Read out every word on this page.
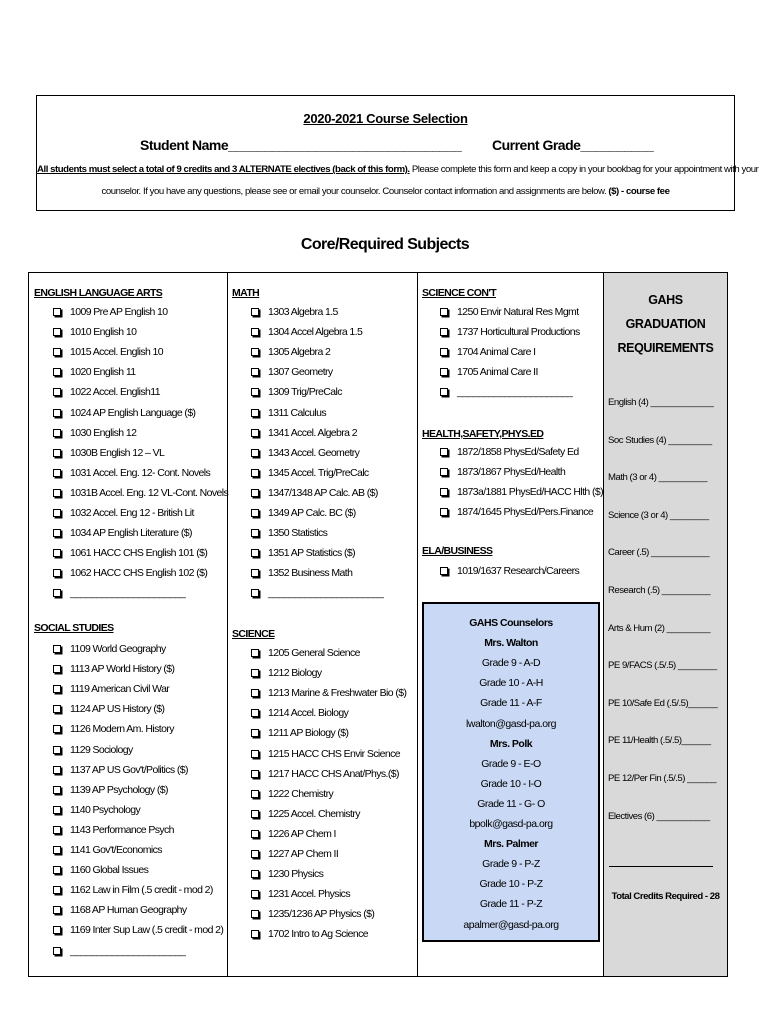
2020-2021 Course Selection
Student Name________________________________ Current Grade__________
All students must select a total of 9 credits and 3 ALTERNATE electives (back of this form). Please complete this form and keep a copy in your bookbag for your appointment with your
counselor. If you have any questions, please see or email your counselor. Counselor contact information and assignments are below. ($) - course fee
Core/Required Subjects
ENGLISH LANGUAGE ARTS
1009 Pre AP English 10
1010 English 10
1015 Accel. English 10
1020 English 11
1022 Accel. English11
1024 AP English Language ($)
1030 English 12
1030B English 12 – VL
1031 Accel. Eng. 12- Cont. Novels
1031B Accel. Eng. 12 VL-Cont. Novels
1032 Accel. Eng 12 - British Lit
1034 AP English Literature ($)
1061 HACC CHS English 101 ($)
1062 HACC CHS English 102 ($)
______________________
SOCIAL STUDIES
1109 World Geography
1113 AP World History ($)
1119 American Civil War
1124 AP US History ($)
1126 Modern Am. History
1129 Sociology
1137 AP US Gov't/Politics ($)
1139 AP Psychology ($)
1140 Psychology
1143 Performance Psych
1141 Gov't/Economics
1160 Global Issues
1162 Law in Film (.5 credit - mod 2)
1168 AP Human Geography
1169 Inter Sup Law (.5 credit - mod 2)
______________________
MATH
1303 Algebra 1.5
1304 Accel Algebra 1.5
1305 Algebra 2
1307 Geometry
1309 Trig/PreCalc
1311 Calculus
1341 Accel. Algebra 2
1343 Accel. Geometry
1345 Accel. Trig/PreCalc
1347/1348 AP Calc. AB ($)
1349 AP Calc. BC ($)
1350 Statistics
1351 AP Statistics ($)
1352 Business Math
______________________
SCIENCE
1205 General Science
1212 Biology
1213 Marine & Freshwater Bio ($)
1214 Accel. Biology
1211 AP Biology ($)
1215 HACC CHS Envir Science
1217 HACC CHS Anat/Phys.($)
1222 Chemistry
1225 Accel. Chemistry
1226 AP Chem I
1227 AP Chem II
1230 Physics
1231 Accel. Physics
1235/1236 AP Physics ($)
1702 Intro to Ag Science
SCIENCE CON'T
1250 Envir Natural Res Mgmt
1737 Horticultural Productions
1704 Animal Care I
1705 Animal Care II
______________________
HEALTH,SAFETY,PHYS.ED
1872/1858 PhysEd/Safety Ed
1873/1867 PhysEd/Health
1873a/1881 PhysEd/HACC Hlth ($)
1874/1645 PhysEd/Pers.Finance
ELA/BUSINESS
1019/1637 Research/Careers
GAHS Counselors
Mrs. Walton
Grade 9 - A-D
Grade 10 - A-H
Grade 11 - A-F
lwalton@gasd-pa.org
Mrs. Polk
Grade 9 - E-O
Grade 10 - I-O
Grade 11 - G- O
bpolk@gasd-pa.org
Mrs. Palmer
Grade 9 - P-Z
Grade 10 - P-Z
Grade 11 - P-Z
apalmer@gasd-pa.org
GAHS
GRADUATION
REQUIREMENTS
English (4) _____________
Soc Studies (4) _________
Math (3 or 4) __________
Science (3 or 4) ________
Career (.5) ____________
Research (.5) __________
Arts & Hum (2) _________
PE 9/FACS (.5/.5) ________
PE 10/Safe Ed (.5/.5)______
PE 11/Health (.5/.5)______
PE 12/Per Fin (.5/.5) ______
Electives (6) ___________
Total Credits Required - 28
